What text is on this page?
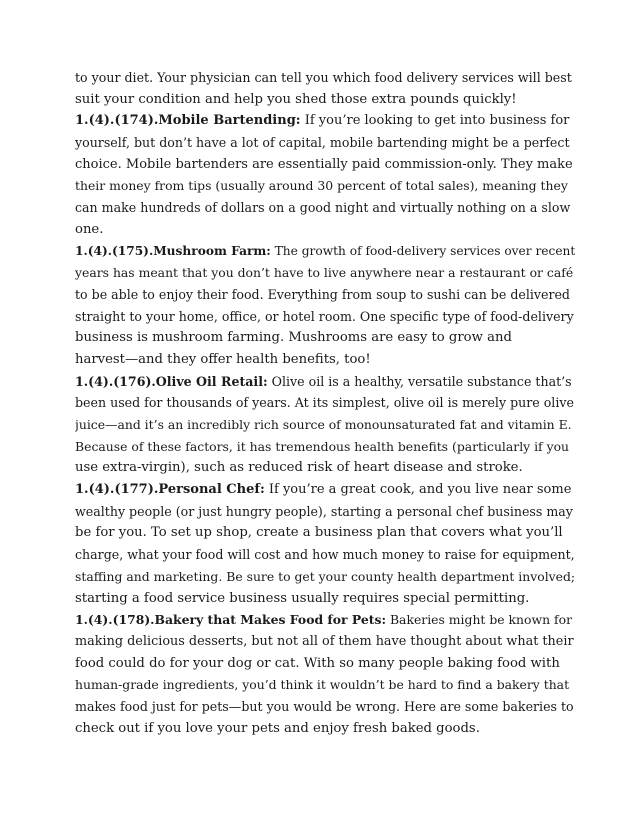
to your diet. Your physician can tell you which food delivery services will best
suit your condition and help you shed those extra pounds quickly!
1.(4).(174).Mobile Bartending: If you’re looking to get into business for
yourself, but don’t have a lot of capital, mobile bartending might be a perfect
choice. Mobile bartenders are essentially paid commission-only. They make
their money from tips (usually around 30 percent of total sales), meaning they
can make hundreds of dollars on a good night and virtually nothing on a slow
one.
1.(4).(175).Mushroom Farm: The growth of food-delivery services over recent
years has meant that you don’t have to live anywhere near a restaurant or café
to be able to enjoy their food. Everything from soup to sushi can be delivered
straight to your home, office, or hotel room. One specific type of food-delivery
business is mushroom farming. Mushrooms are easy to grow and
harvest—and they offer health benefits, too!
1.(4).(176).Olive Oil Retail: Olive oil is a healthy, versatile substance that’s
been used for thousands of years. At its simplest, olive oil is merely pure olive
juice—and it’s an incredibly rich source of monounsaturated fat and vitamin E.
Because of these factors, it has tremendous health benefits (particularly if you
use extra-virgin), such as reduced risk of heart disease and stroke.
1.(4).(177).Personal Chef: If you’re a great cook, and you live near some
wealthy people (or just hungry people), starting a personal chef business may
be for you. To set up shop, create a business plan that covers what you’ll
charge, what your food will cost and how much money to raise for equipment,
staffing and marketing. Be sure to get your county health department involved;
starting a food service business usually requires special permitting.
1.(4).(178).Bakery that Makes Food for Pets: Bakeries might be known for
making delicious desserts, but not all of them have thought about what their
food could do for your dog or cat. With so many people baking food with
human-grade ingredients, you’d think it wouldn’t be hard to find a bakery that
makes food just for pets—but you would be wrong. Here are some bakeries to
check out if you love your pets and enjoy fresh baked goods.
